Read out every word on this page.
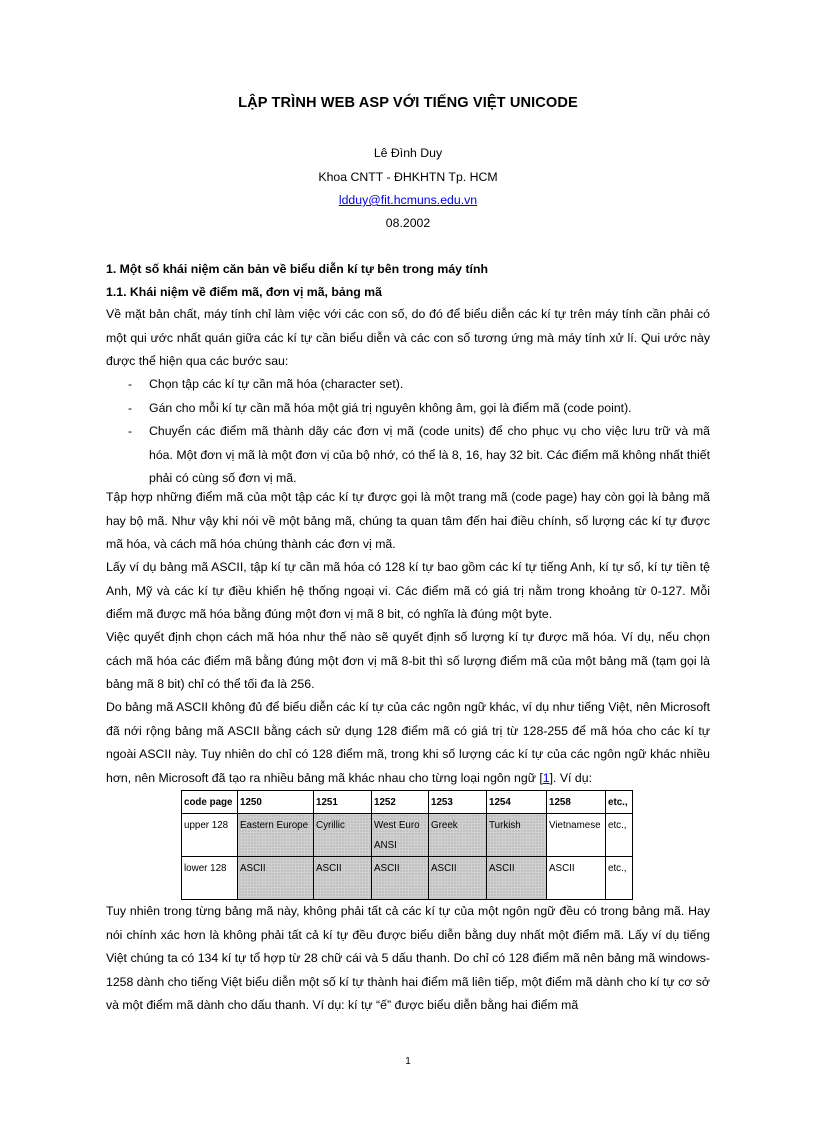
LẬP TRÌNH WEB ASP VỚI TIẾNG VIỆT UNICODE
Lê Đình Duy
Khoa CNTT - ĐHKHTN Tp. HCM
ldduy@fit.hcmuns.edu.vn
08.2002
1. Một số khái niệm căn bản về biểu diễn kí tự bên trong máy tính
1.1. Khái niệm về điểm mã, đơn vị mã, bảng mã

Về mặt bản chất, máy tính chỉ làm việc với các con số, do đó để biểu diễn các kí tự trên máy tính cần phải có một qui ước nhất quán giữa các kí tự cần biểu diễn và các con số tương ứng mà máy tính xử lí. Qui ước này được thể hiện qua các bước sau:

- Chọn tập các kí tự cần mã hóa (character set).
- Gán cho mỗi kí tự cần mã hóa một giá trị nguyên không âm, gọi là điểm mã (code point).
- Chuyển các điểm mã thành dãy các đơn vị mã (code units) để cho phục vụ cho việc lưu trữ và mã hóa. Một đơn vị mã là một đơn vị của bộ nhớ, có thể là 8, 16, hay 32 bit. Các điểm mã không nhất thiết phải có cùng số đơn vị mã.

Tập hợp những điểm mã của một tập các kí tự được gọi là một trang mã (code page) hay còn gọi là bảng mã hay bộ mã. Như vậy khi nói về một bảng mã, chúng ta quan tâm đến hai điều chính, số lượng các kí tự được mã hóa, và cách mã hóa chúng thành các đơn vị mã.

Lấy ví dụ bảng mã ASCII, tập kí tự cần mã hóa có 128 kí tự bao gồm các kí tự tiếng Anh, kí tự số, kí tự tiền tệ Anh, Mỹ và các kí tự điều khiển hệ thống ngoại vi. Các điểm mã có giá trị nằm trong khoảng từ 0-127. Mỗi điểm mã được mã hóa bằng đúng một đơn vị mã 8 bit, có nghĩa là đúng một byte.

Việc quyết định chọn cách mã hóa như thế nào sẽ quyết định số lượng kí tự được mã hóa. Ví dụ, nếu chọn cách mã hóa các điểm mã bằng đúng một đơn vị mã 8-bit thì số lượng điểm mã của một bảng mã (tạm gọi là bảng mã 8 bit) chỉ có thể tối đa là 256.

Do bảng mã ASCII không đủ để biểu diễn các kí tự của các ngôn ngữ khác, ví dụ như tiếng Việt, nên Microsoft đã nới rộng bảng mã ASCII bằng cách sử dụng 128 điểm mã có giá trị từ 128-255 để mã hóa cho các kí tự ngoài ASCII này. Tuy nhiên do chỉ có 128 điểm mã, trong khi số lượng các kí tự của các ngôn ngữ khác nhiều hơn, nên Microsoft đã tạo ra nhiều bảng mã khác nhau cho từng loại ngôn ngữ [1]. Ví dụ:

code page	1250	1251	1252	1253	1254	1258	etc.,
upper 128	Eastern Europe	Cyrillic	West Euro ANSI	Greek	Turkish	Vietnamese	etc.,
lower 128	ASCII	ASCII	ASCII	ASCII	ASCII	ASCII	etc.,

Tuy nhiên trong từng bảng mã này, không phải tất cả các kí tự của một ngôn ngữ đều có trong bảng mã. Hay nói chính xác hơn là không phải tất cả kí tự đều được biểu diễn bằng duy nhất một điểm mã. Lấy ví dụ tiếng Việt chúng ta có 134 kí tự tổ hợp từ 28 chữ cái và 5 dấu thanh. Do chỉ có 128 điểm mã nên bảng mã windows-1258 dành cho tiếng Việt biểu diễn một số kí tự thành hai điểm mã liên tiếp, một điểm mã dành cho kí tự cơ sở và một điểm mã dành cho dấu thanh. Ví dụ: kí tự “ế” được biểu diễn bằng hai điểm mã

1
